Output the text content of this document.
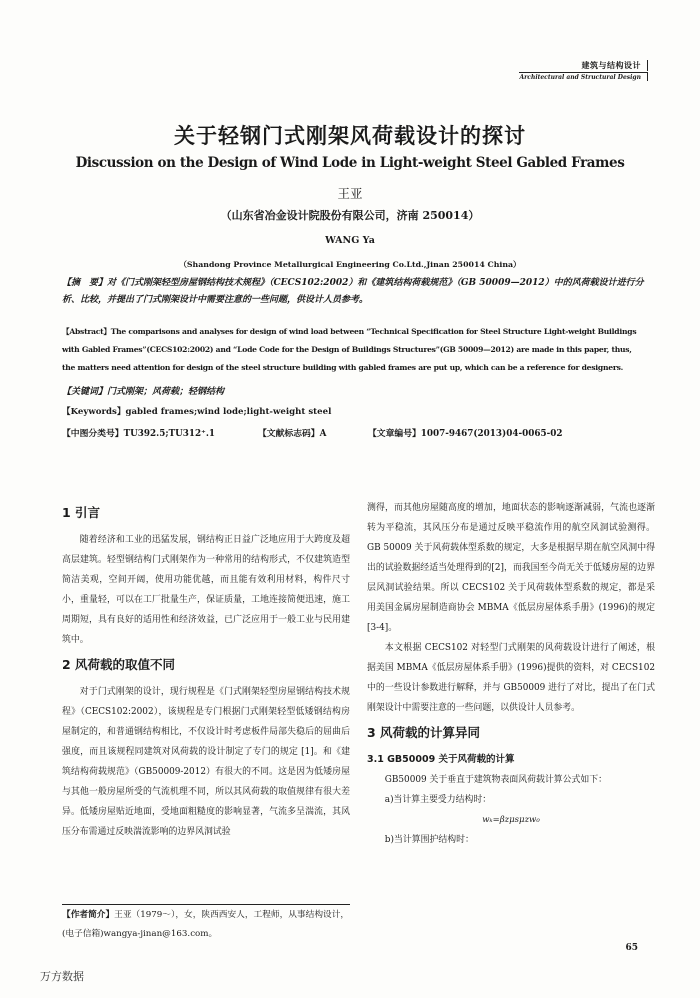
建筑与结构设计
Architectural and Structural Design
关于轻钢门式刚架风荷载设计的探讨
Discussion on the Design of Wind Lode in Light-weight Steel Gabled Frames
王亚
（山东省冶金设计院股份有限公司，济南 250014）
WANG Ya
（Shandong Province Metallurgical Engineering Co.Ltd.,Jinan 250014 China）
【摘　要】对《门式刚架轻型房屋钢结构技术规程》（CECS102:2002）和《建筑结构荷载规范》（GB 50009—2012）中的风荷载设计进行分析、比较，并提出了门式刚架设计中需要注意的一些问题，供设计人员参考。
【Abstract】The comparisons and analyses for design of wind load between “Technical Specification for Steel Structure Light-weight Buildings with Gabled Frames”(CECS102:2002) and “Lode Code for the Design of Buildings Structures”(GB 50009—2012) are made in this paper, thus, the matters need attention for design of the steel structure building with gabled frames are put up, which can be a reference for designers.
【关键词】门式刚架；风荷载；轻钢结构
【Keywords】gabled frames;wind lode;light-weight steel
【中图分类号】TU392.5;TU312⁺.1	【文献标志码】A	【文章编号】1007-9467(2013)04-0065-02
1 引言

随着经济和工业的迅猛发展，钢结构正日益广泛地应用于大跨度及超高层建筑。轻型钢结构门式刚架作为一种常用的结构形式，不仅建筑造型简洁美观，空间开阔，使用功能优越，而且能有效利用材料，构件尺寸小，重量轻，可以在工厂批量生产，保证质量，工地连接简便迅速，施工周期短，具有良好的适用性和经济效益，已广泛应用于一般工业与民用建筑中。

2 风荷载的取值不同

对于门式刚架的设计，现行规程是《门式刚架轻型房屋钢结构技术规程》（CECS102:2002），该规程是专门根据门式刚架轻型低矮钢结构房屋制定的，和普通钢结构相比，不仅设计时考虑板件局部失稳后的屈曲后强度，而且该规程同建筑对风荷载的设计制定了专门的规定 [1]。和《建筑结构荷载规范》（GB50009-2012）有很大的不同。这是因为低矮房屋与其他一般房屋所受的气流机理不同，所以其风荷载的取值规律有很大差异。低矮房屋贴近地面，受地面粗糙度的影响显著，气流多呈湍流，其风压分布需通过反映湍流影响的边界风洞试验

测得，而其他房屋随高度的增加，地面状态的影响逐渐减弱，气流也逐渐转为平稳流，其风压分布是通过反映平稳流作用的航空风洞试验测得。GB 50009 关于风荷载体型系数的规定，大多是根据早期在航空风洞中得出的试验数据经适当处理得到的[2]，而我国至今尚无关于低矮房屋的边界层风洞试验结果。所以 CECS102 关于风荷载体型系数的规定，都是采用美国金属房屋制造商协会 MBMA《低层房屋体系手册》(1996)的规定[3-4]。

本文根据 CECS102 对轻型门式刚架的风荷载设计进行了阐述，根据美国 MBMA《低层房屋体系手册》(1996)提供的资料，对 CECS102 中的一些设计参数进行解释，并与 GB50009 进行了对比，提出了在门式刚架设计中需要注意的一些问题，以供设计人员参考。

3 风荷载的计算异同
3.1 GB50009 关于风荷载的计算

GB50009 关于垂直于建筑物表面风荷载计算公式如下：

a)当计算主要受力结构时：

wₖ=βzμsμzw₀

b)当计算围护结构时：

【作者简介】王亚（1979～），女，陕西西安人，工程师，从事结构设计，(电子信箱)wangya-jinan@163.com。
65
万方数据
